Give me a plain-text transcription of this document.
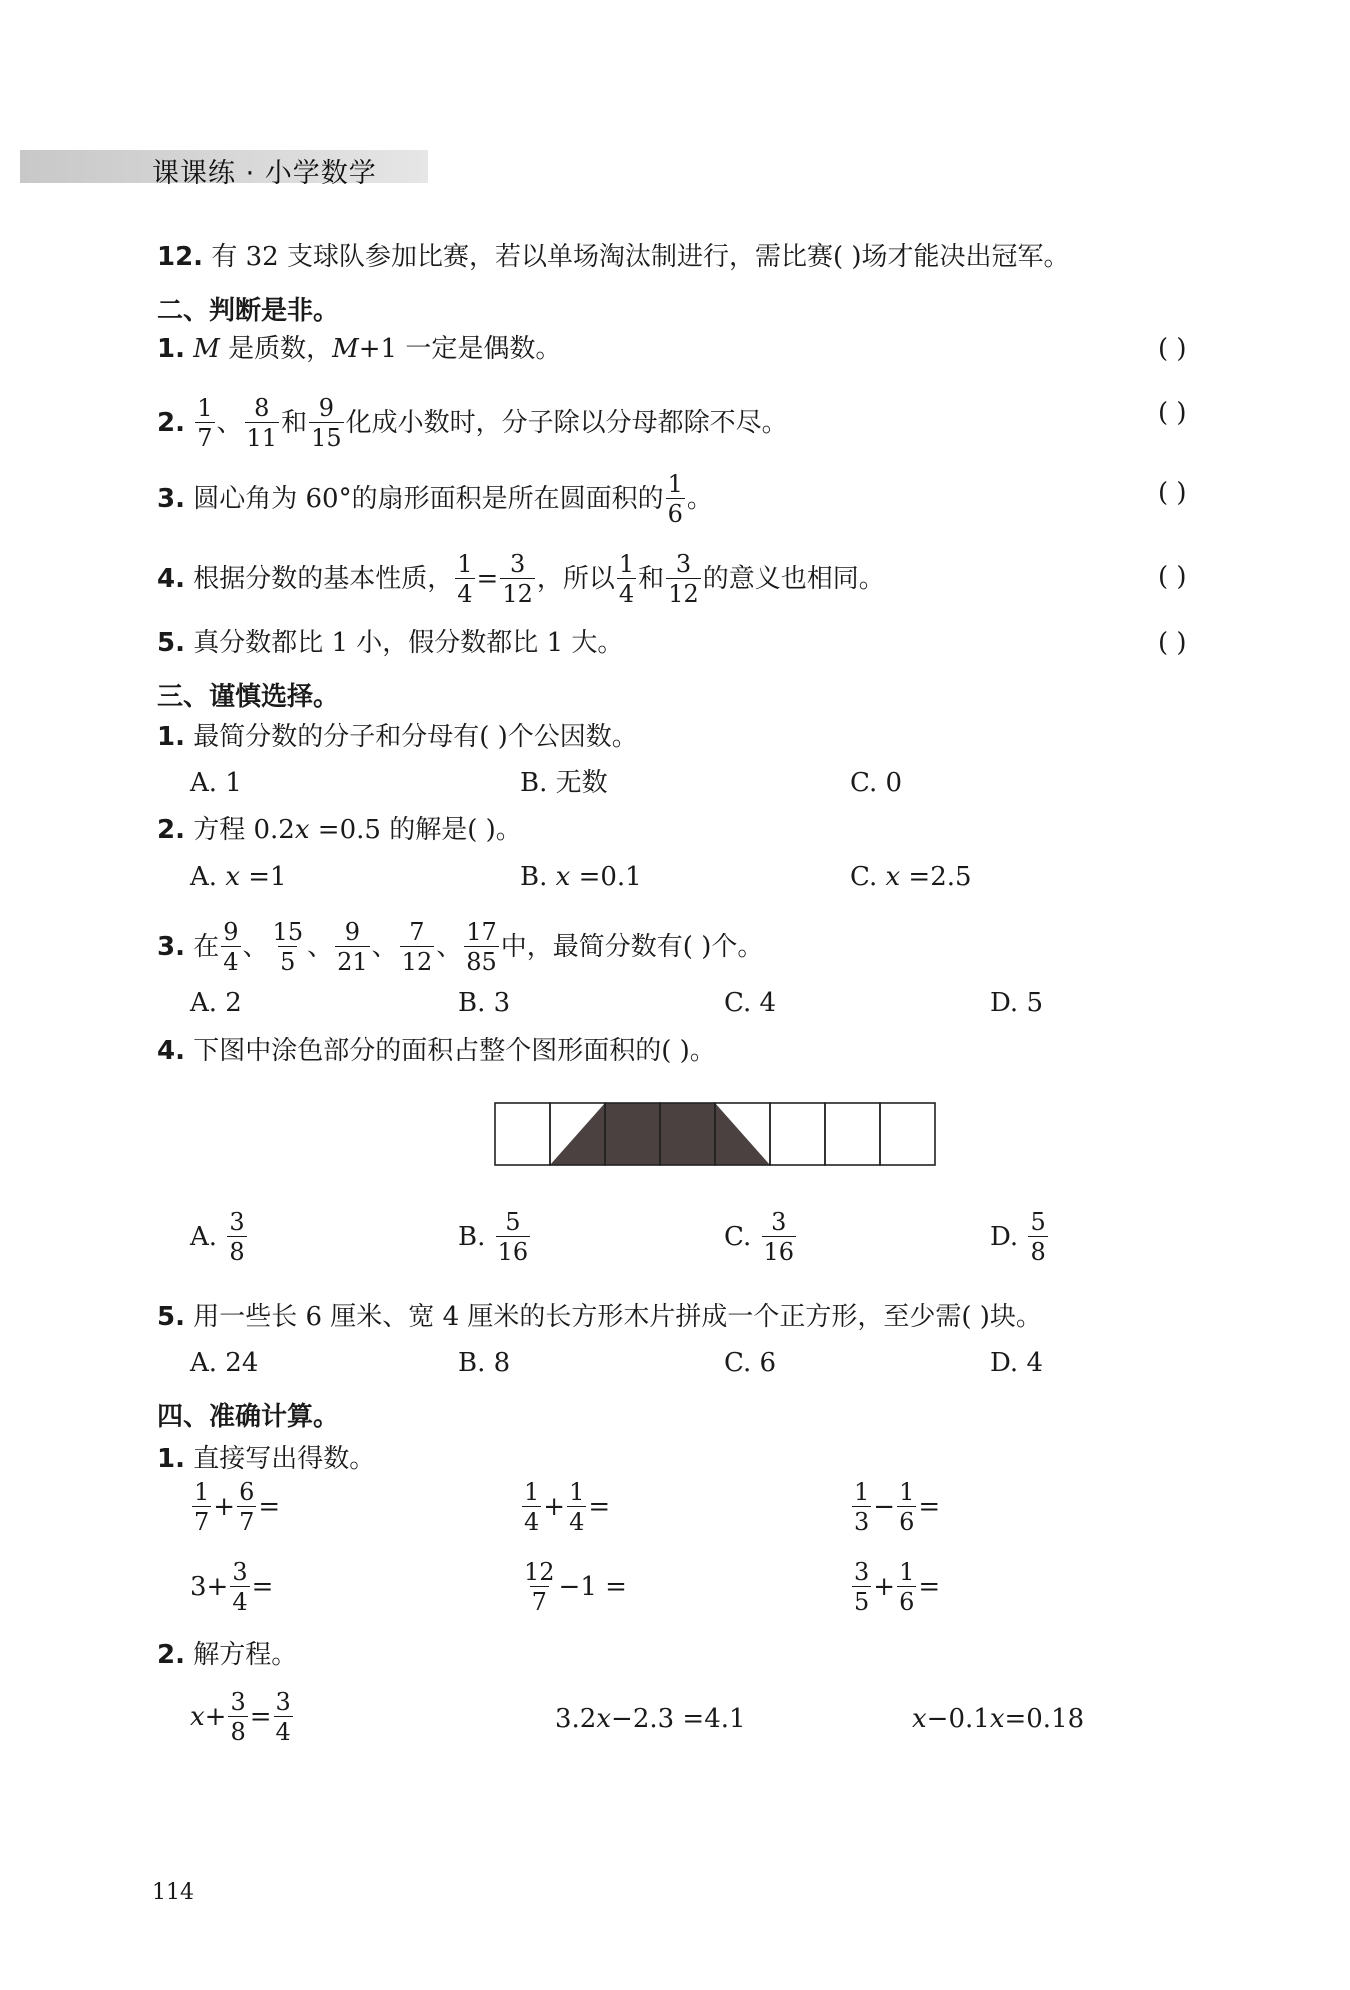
课课练 · 小学数学
12. 有 32 支球队参加比赛，若以单场淘汰制进行，需比赛( )场才能决出冠军。
二、判断是非。
1. M 是质数，M+1 一定是偶数。	( )
2.
$\frac{1}{7}$ 、 $\frac{8}{11}$ 和 $\frac{9}{15}$ 化成小数时，分子除以分母都除不尽。	( )
3.
圆心角为 60°的扇形面积是所在圆面积的 $\frac{1}{6}$ 。	( )
4.
根据分数的基本性质， $\frac{1}{4} = \frac{3}{12}$ ，所以 $\frac{1}{4}$ 和 $\frac{3}{12}$ 的意义也相同。	( )
5. 真分数都比 1 小，假分数都比 1 大。	( )
三、谨慎选择。
1. 最简分数的分子和分母有( )个公因数。
A. 1	B. 无数	C. 0
2. 方程 0.2x =0.5 的解是( )。
A. x =1	B. x =0.1	C. x =2.5
3.
在 $\frac{9}{4}$ 、 $\frac{15}{5}$ 、 $\frac{9}{21}$ 、 $\frac{7}{12}$ 、 $\frac{17}{85}$ 中，最简分数有( )个。
A. 2	B. 3	C. 4	D. 5
4. 下图中涂色部分的面积占整个图形面积的( )。
A.
$\frac{3}{8}$	B.
$\frac{5}{16}$	C.
$\frac{3}{16}$	D.
$\frac{5}{8}$
5. 用一些长 6 厘米、宽 4 厘米的长方形木片拼成一个正方形，至少需( )块。
A. 24	B. 8	C. 6	D. 4
四、准确计算。
1. 直接写出得数。
$\frac{1}{7} + \frac{6}{7}$ =	$\frac{1}{4} + \frac{1}{4}$ =	$\frac{1}{3} - \frac{1}{6}$ =
$3+ \frac{3}{4}$ =	$\frac{12}{7} -1$ =	$\frac{3}{5} + \frac{1}{6}$ =
2. 解方程。
$x + \frac{3}{8} = \frac{3}{4}$	3.2 x −2.3 =4.1	x −0.1 x =0.18
114
